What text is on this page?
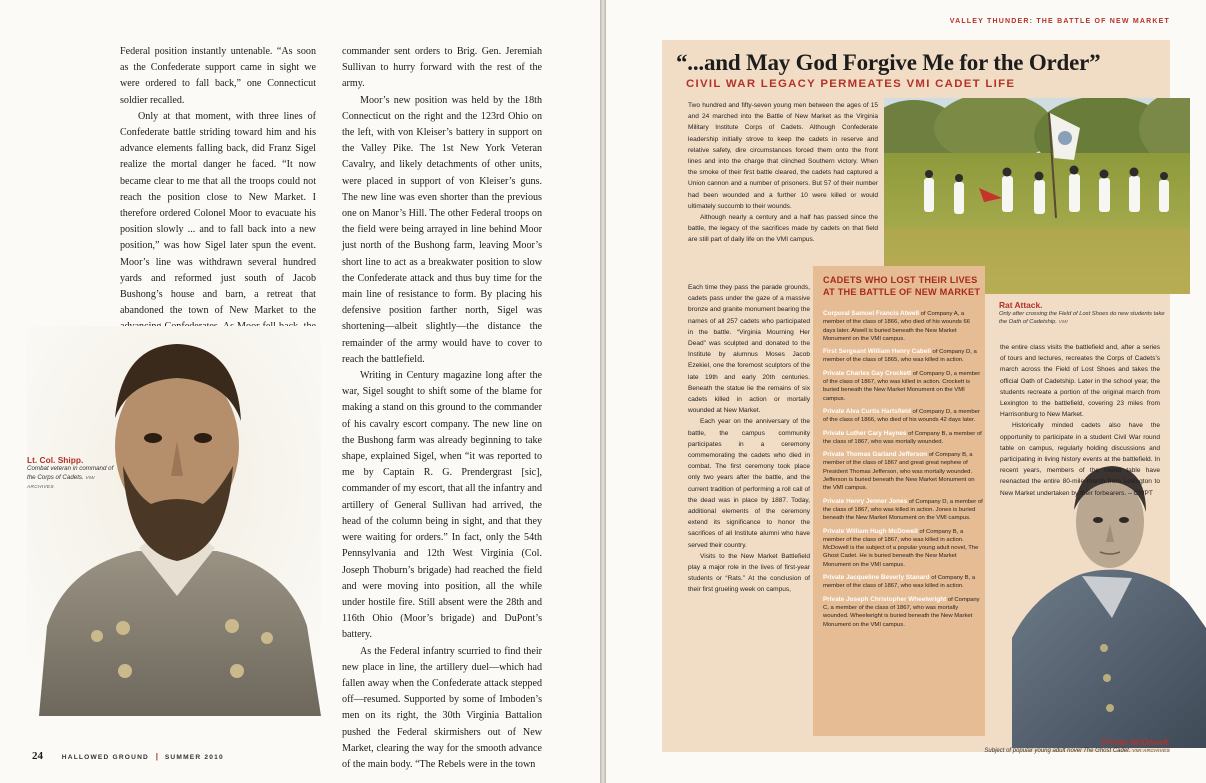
Federal position instantly untenable. “As soon as the Confederate support came in sight we were ordered to fall back,” one Connecticut soldier recalled.

Only at that moment, with three lines of Confederate battle striding toward him and his advance elements falling back, did Franz Sigel realize the mortal danger he faced. “It now became clear to me that all the troops could not reach the position close to New Market. I therefore ordered Colonel Moor to evacuate his position slowly ... and to fall back into a new position,” was how Sigel later spun the event. Moor’s line was withdrawn several hundred yards and reformed just south of Jacob Bushong’s house and barn, a retreat that abandoned the town of New Market to the

commander sent orders to Brig. Gen. Jeremiah Sullivan to hurry forward with the rest of the army.

Moor’s new position was held by the 18th Connecticut on the right and the 123rd Ohio on the left, with von Kleiser’s battery in support on the Valley Pike. The 1st New York Veteran Cavalry, and likely detachments of other units, were placed in support of von Kleiser’s guns. The new line was even shorter than the previous one on Manor’s Hill. The other Federal troops on the field were being arrayed in line behind Moor just north of the Bushong farm, leaving Moor’s short line to act as a breakwater position to slow the Confederate attack and thus buy time for the main line of resistance to form. By placing his defensive position farther north, Sigel was shortening—albeit slightly—the distance the remainder of the army would have to cover to reach the battlefield.

Writing in Century magazine long after the war, Sigel sought to shift some of the blame for making a stand on this ground to the commander of his cavalry escort company. The new line on the Bushong farm was already beginning to take shape, explained Sigel, when “it was reported to me by Captain R. G. Prendergrast [sic], commander of my escort, that all the infantry and artillery of General Sullivan had arrived, the head of the column being in sight, and that they were waiting for orders.” In fact, only the 54th Pennsylvania and 12th West Virginia (Col. Joseph Thoburn’s brigade) had reached the field and were moving into position, all the while under hostile fire. Still absent were the 28th and 116th Ohio (Moor’s brigade) and DuPont’s battery.

As the Federal infantry scurried to find their new place in line, the artillery duel—which had fallen away when the Confederate attack stepped off—resumed. Supported by some of Imboden’s men on its right, the 30th Virginia Battalion pushed the Federal skirmishers out of New Market, clearing the way for the smooth advance of the main body. “The Rebels were in the town

Lt. Col. Shipp.
Combat veteran in command of the Corps of Cadets. VMI ARCHIVES
24	HALLOWED GROUND | SUMMER 2010
VALLEY THUNDER: THE BATTLE OF NEW MARKET
“...and May God Forgive Me for the Order”
CIVIL WAR LEGACY PERMEATES VMI CADET LIFE

Two hundred and fifty-seven young men between the ages of 15 and 24 marched into the Battle of New Market as the Virginia Military Institute Corps of Cadets. Although Confederate leadership initially strove to keep the cadets in reserve and relative safety, dire circumstances forced them onto the front lines and into the charge that clinched Southern victory. When the smoke of their first battle cleared, the cadets had captured a Union cannon and a number of prisoners. But 57 of their number had been wounded and a further 10 were killed or would ultimately succumb to their wounds.

Although nearly a century and a half has passed since the battle, the legacy of the sacrifices made by cadets on that field are still part of daily life on the VMI campus.

Each time they pass the parade grounds, cadets pass under the gaze of a massive bronze and granite monument bearing the names of all 257 cadets who participated in the battle. “Virginia Mourning Her Dead” was sculpted and donated to the Institute by alumnus Moses Jacob Ezekiel, one the foremost sculptors of the late 19th and early 20th centuries. Beneath the statue lie the remains of six cadets killed in action or mortally wounded at New Market.

Each year on the anniversary of the battle, the campus community participates in a ceremony commemorating the cadets who died in combat. The first ceremony took place only two years after the battle, and the current tradition of performing a roll call of the dead was in place by 1887. Today, additional elements of the ceremony extend its significance to honor the sacrifices of all Institute alumni who have served their country.

Visits to the New Market Battlefield play a major role in the lives of first-year students or “Rats.” At the conclusion of their first grueling week on campus,

CADETS WHO LOST THEIR LIVES AT THE BATTLE OF NEW MARKET
Corporal Samuel Francis Atwell of Company A, a member of the class of 1866, who died of his wounds 66 days later. Atwell is buried beneath the New Market Monument on the VMI campus.
First Sergeant William Henry Cabell of Company D, a member of the class of 1865, who was killed in action.
Private Charles Gay Crockett of Company D, a member of the class of 1867, who was killed in action. Crockett is buried beneath the New Market Monument on the VMI campus.
Private Alva Curtis Hartsfield of Company D, a member of the class of 1866, who died of his wounds 42 days later.
Private Luther Cary Haynes of Company B, a member of the class of 1867, who was mortally wounded.
Private Thomas Garland Jefferson of Company B, a member of the class of 1867 and great great nephew of President Thomas Jefferson, who was mortally wounded. Jefferson is buried beneath the New Market Monument on the VMI campus.
Private Henry Jenner Jones of Company D, a member of the class of 1867, who was killed in action. Jones is buried beneath the New Market Monument on the VMI campus.
Private William Hugh McDowell of Company B, a member of the class of 1867, who was killed in action. McDowell is the subject of a popular young adult novel, The Ghost Cadet. He is buried beneath the New Market Monument on the VMI campus.
Private Jacqueline Beverly Stanard of Company B, a member of the class of 1867, who was killed in action.
Private Joseph Christopher Wheelwright of Company C, a member of the class of 1867, who was mortally wounded. Wheelwright is buried beneath the New Market Monument on the VMI campus.
Rat Attack.
Only after crossing the Field of Lost Shoes do new students take the Oath of Cadetship. VMI

the entire class visits the battlefield and, after a series of tours and lectures, recreates the Corps of Cadets’s march across the Field of Lost Shoes and takes the official Oath of Cadetship. Later in the school year, the students recreate a portion of the original march from Lexington to the battlefield, covering 23 miles from Harrisonburg to New Market.

Historically minded cadets also have the opportunity to participate in a student Civil War round table on campus, regularly holding discussions and participating in living history events at the battlefield. In recent years, members of the round table have reenacted the entire 80-mile march from Lexington to New Market undertaken by their forbearers. – CWPT

Private McDowell.
Subject of popular young adult novel The Ghost Cadet. VMI ARCHIVES
